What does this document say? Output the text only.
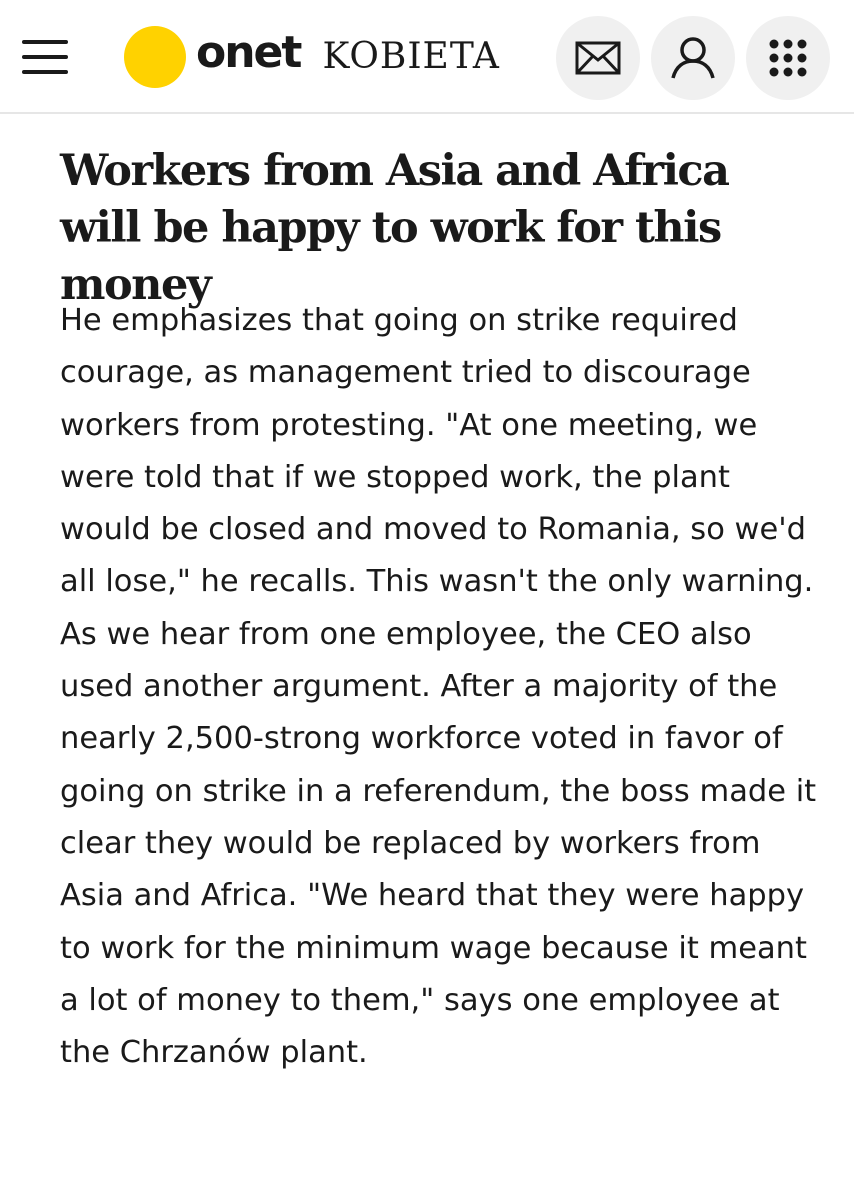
onet KOBIETA
Workers from Asia and Africa will be happy to work for this money

He emphasizes that going on strike required courage, as management tried to discourage workers from protesting. "At one meeting, we were told that if we stopped work, the plant would be closed and moved to Romania, so we'd all lose," he recalls. This wasn't the only warning. As we hear from one employee, the CEO also used another argument. After a majority of the nearly 2,500-strong workforce voted in favor of going on strike in a referendum, the boss made it clear they would be replaced by workers from Asia and Africa. "We heard that they were happy to work for the minimum wage because it meant a lot of money to them," says one employee at the Chrzanów plant.
